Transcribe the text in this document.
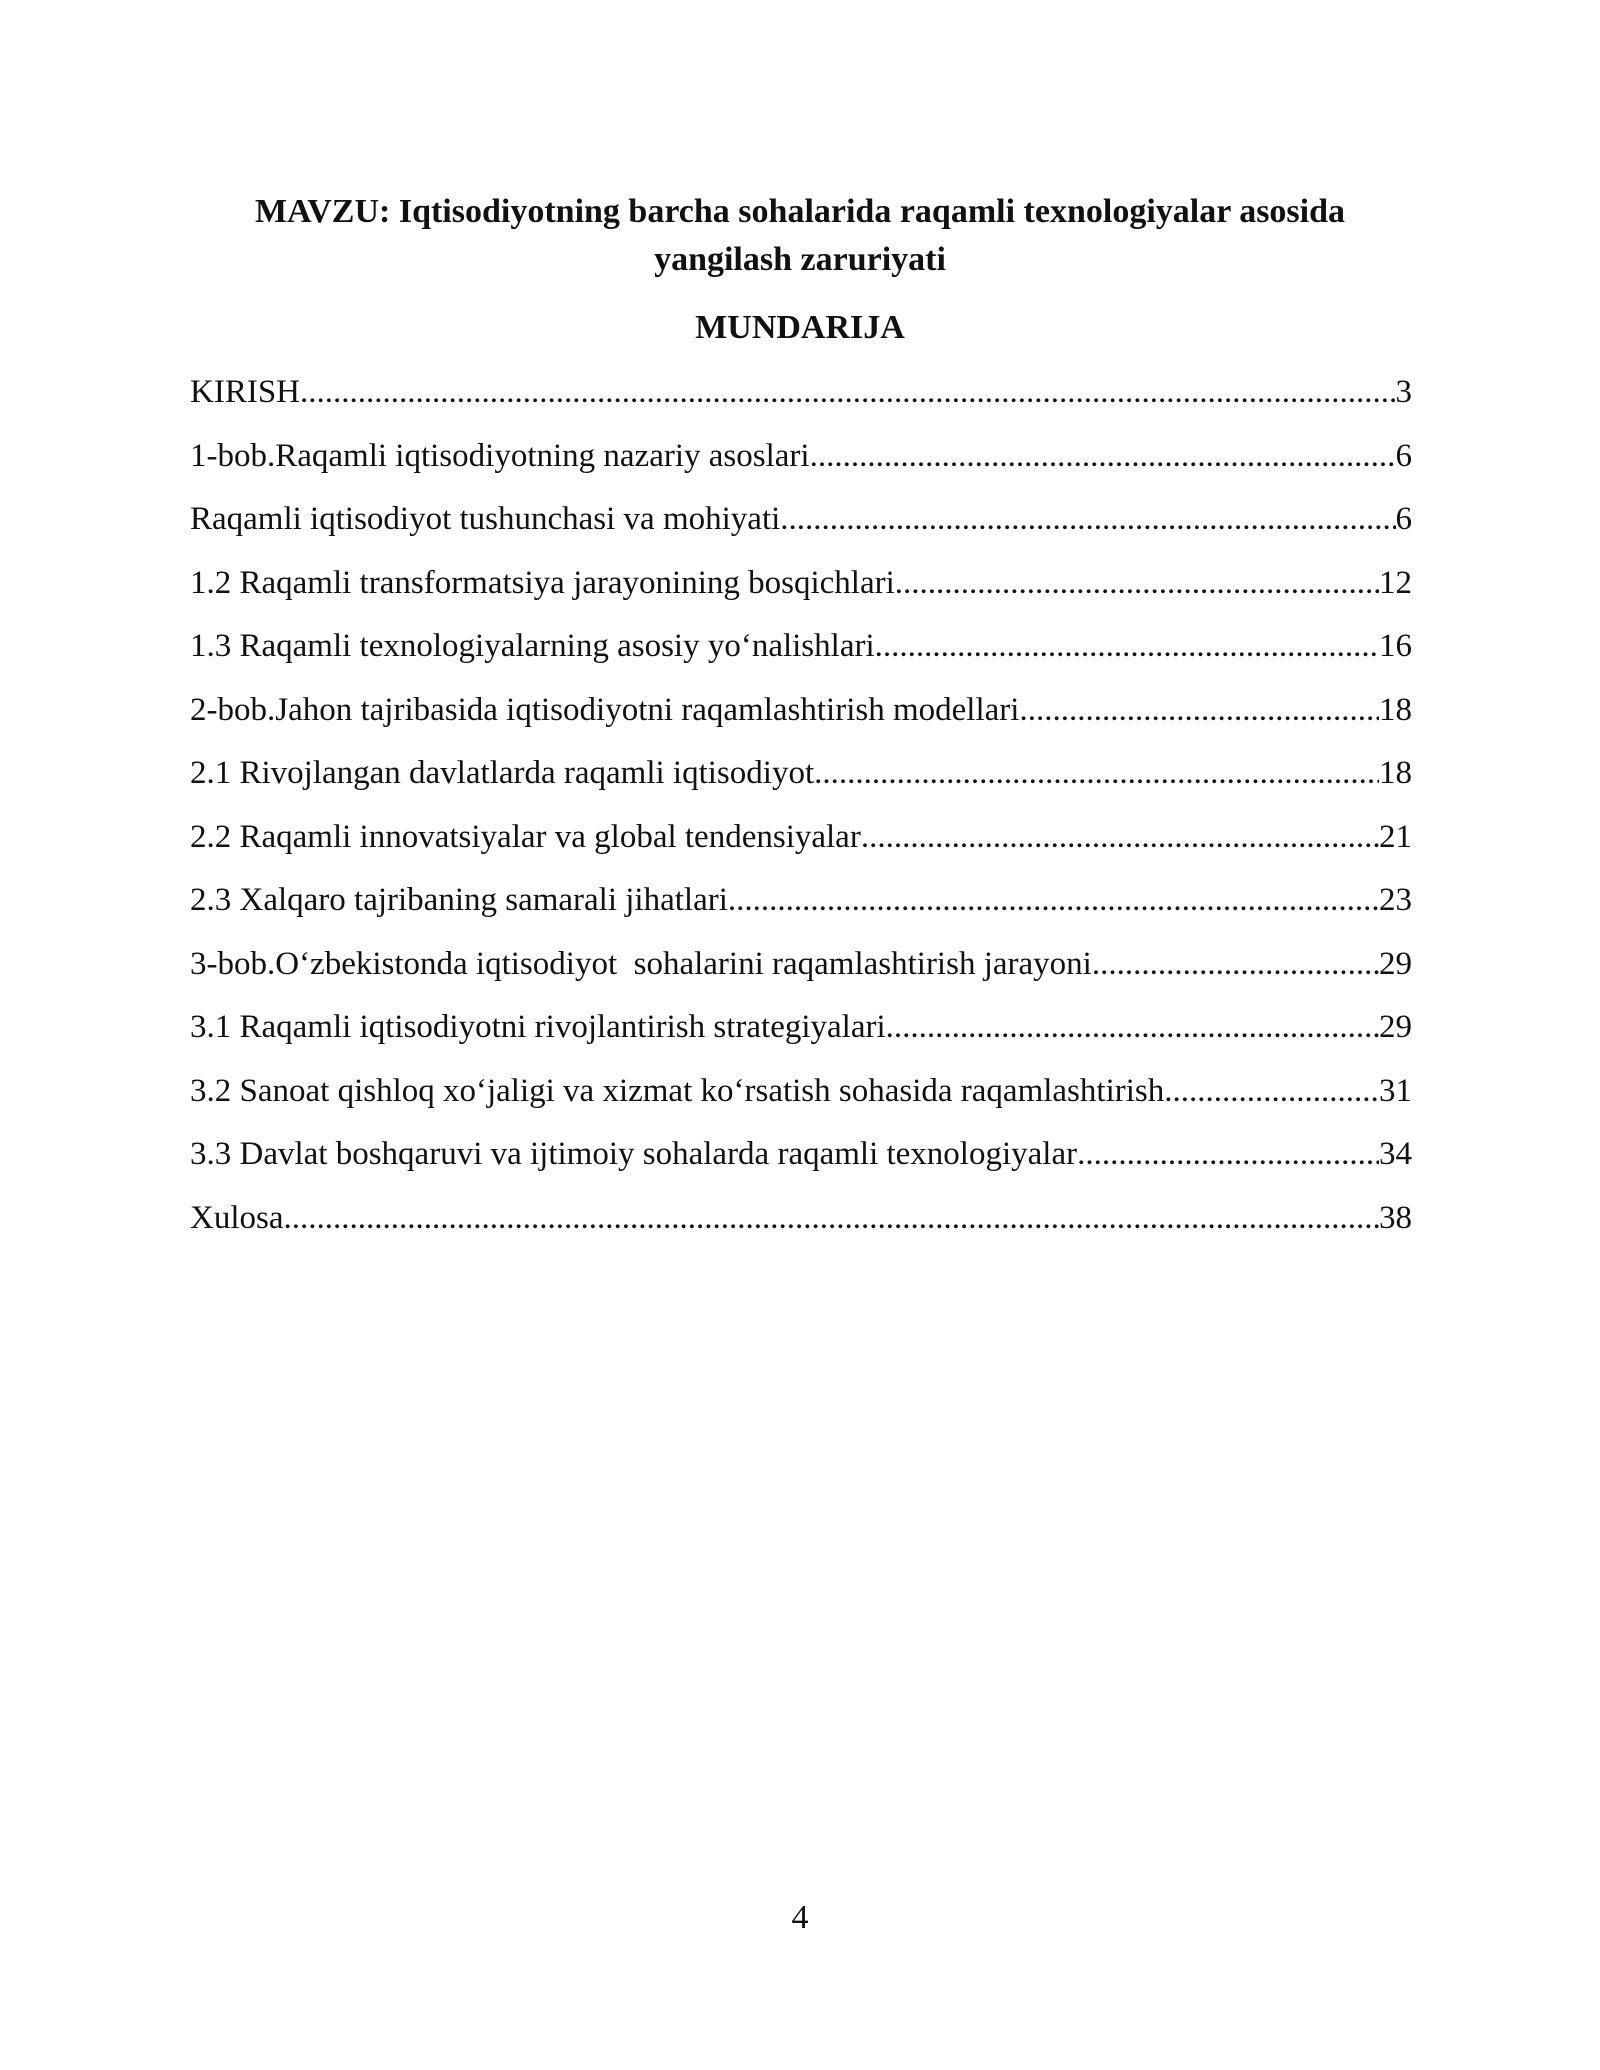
MAVZU: Iqtisodiyotning barcha sohalarida raqamli texnologiyalar asosida yangilash zaruriyati
MUNDARIJA
KIRISH .....	3
1-bob.Raqamli iqtisodiyotning nazariy asoslari .....	6
Raqamli iqtisodiyot tushunchasi va mohiyati .....	6
1.2 Raqamli transformatsiya jarayonining bosqichlari .....	12
1.3 Raqamli texnologiyalarning asosiy yo‘nalishlari .....	16
2-bob.Jahon tajribasida iqtisodiyotni raqamlashtirish modellari .....	18
2.1 Rivojlangan davlatlarda raqamli iqtisodiyot .....	18
2.2 Raqamli innovatsiyalar va global tendensiyalar .....	21
2.3 Xalqaro tajribaning samarali jihatlari .....	23
3-bob.O‘zbekistonda iqtisodiyot  sohalarini raqamlashtirish jarayoni .....	29
3.1 Raqamli iqtisodiyotni rivojlantirish strategiyalari .....	29
3.2 Sanoat qishloq xo‘jaligi va xizmat ko‘rsatish sohasida raqamlashtirish .....	31
3.3 Davlat boshqaruvi va ijtimoiy sohalarda raqamli texnologiyalar .....	34
Xulosa .....	38
4
